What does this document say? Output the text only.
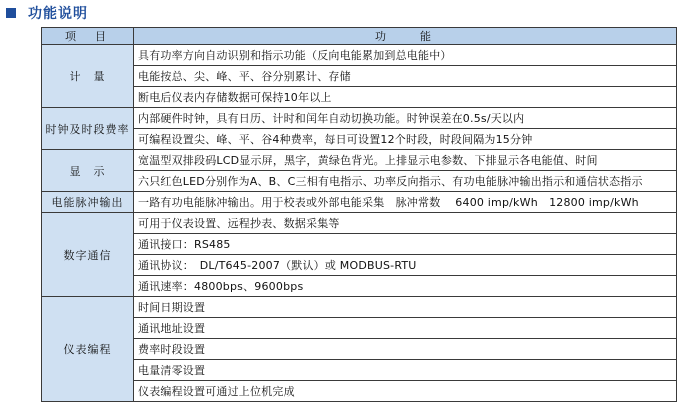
功能说明
项　目	功　　能
计　量	具有功率方向自动识别和指示功能（反向电能累加到总电能中）
	电能按总、尖、峰、平、谷分别累计、存储
	断电后仪表内存储数据可保持10年以上
时钟及时段费率	内部硬件时钟，具有日历、计时和闰年自动切换功能。时钟误差在0.5s/天以内
	可编程设置尖、峰、平、谷4种费率，每日可设置12个时段，时段间隔为15分钟
显　示	宽温型双排段码LCD显示屏，黑字，黄绿色背光。上排显示电参数、下排显示各电能值、时间
	六只红色LED分别作为A、B、C三相有电指示、功率反向指示、有功电能脉冲输出指示和通信状态指示
电能脉冲输出	一路有功电能脉冲输出。用于校表或外部电能采集　脉冲常数　 6400 imp/kWh　12800 imp/kWh
数字通信	可用于仪表设置、远程抄表、数据采集等
	通讯接口：RS485
	通讯协议：　DL/T645-2007（默认）或 MODBUS-RTU
	通讯速率：4800bps、9600bps
仪表编程	时间日期设置
	通讯地址设置
	费率时段设置
	电量清零设置
	仪表编程设置可通过上位机完成
